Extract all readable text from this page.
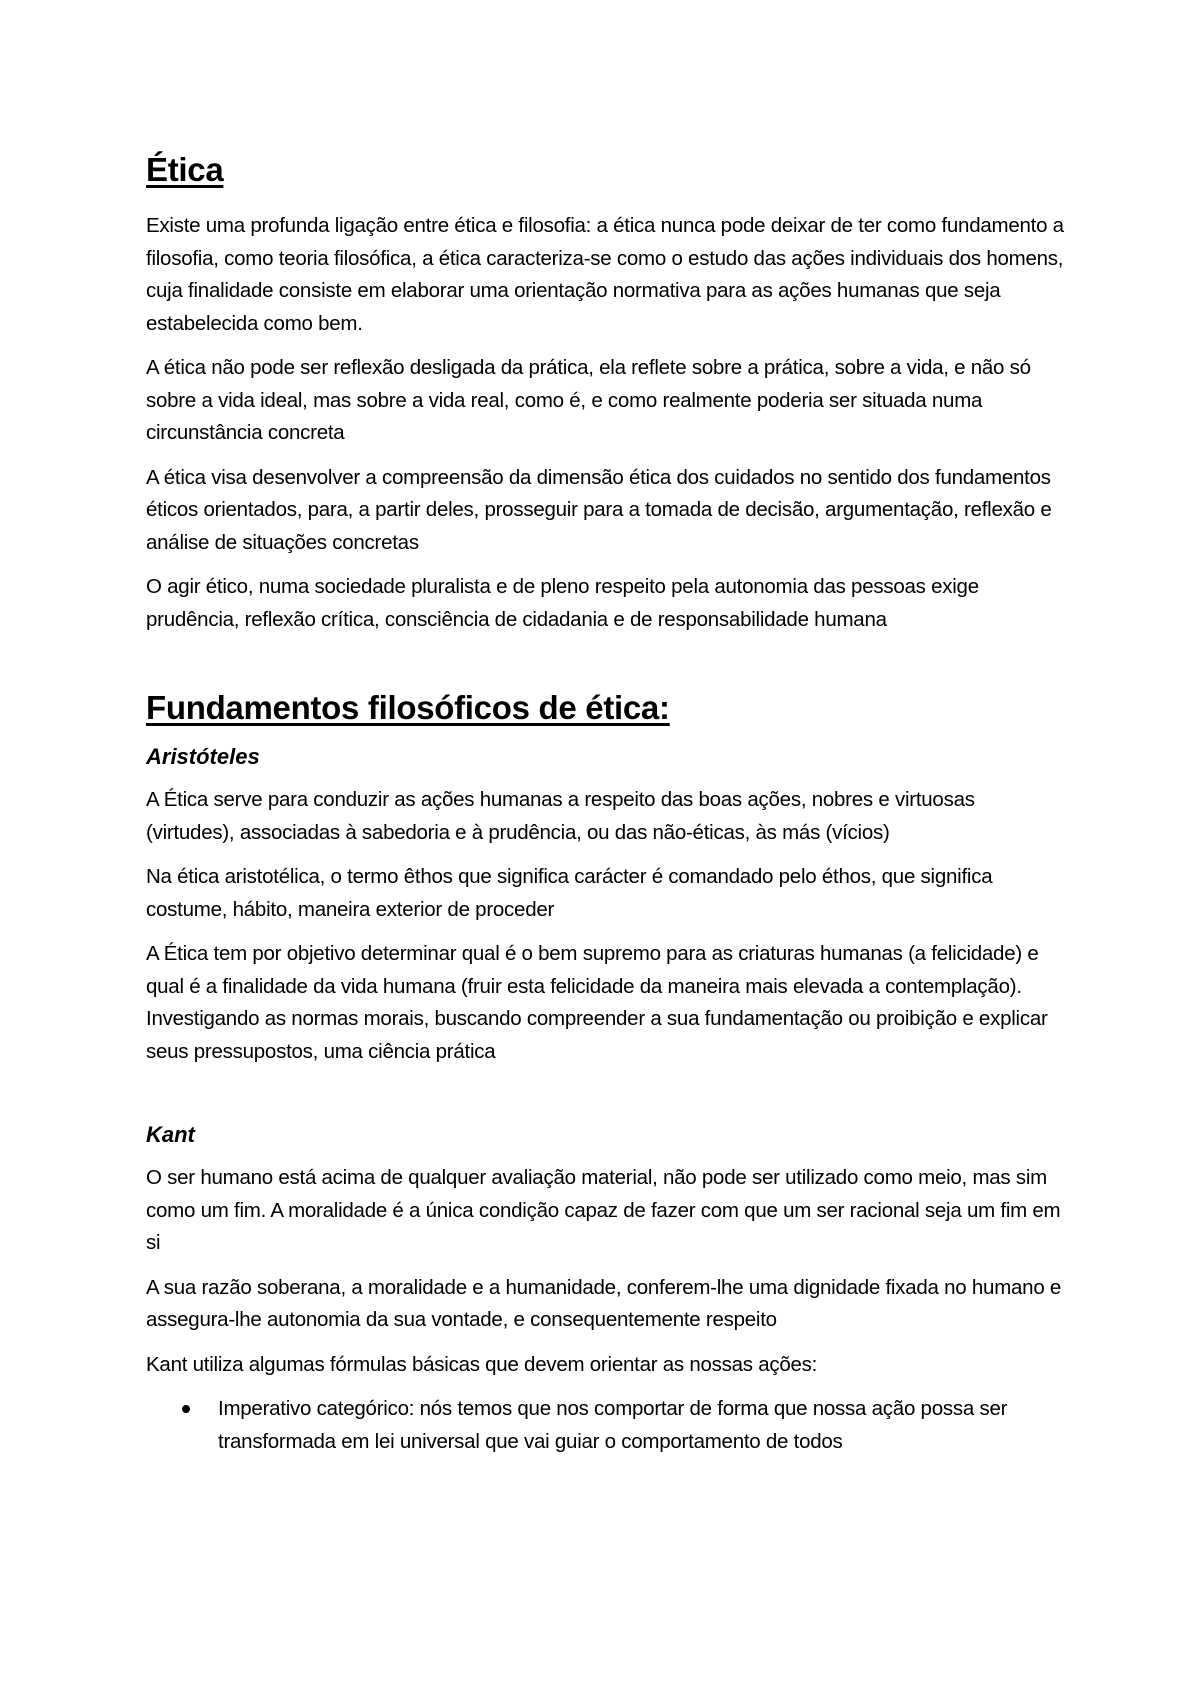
Ética

Existe uma profunda ligação entre ética e filosofia: a ética nunca pode deixar de ter como fundamento a filosofia, como teoria filosófica, a ética caracteriza-se como o estudo das ações individuais dos homens, cuja finalidade consiste em elaborar uma orientação normativa para as ações humanas que seja estabelecida como bem.

A ética não pode ser reflexão desligada da prática, ela reflete sobre a prática, sobre a vida, e não só sobre a vida ideal, mas sobre a vida real, como é, e como realmente poderia ser situada numa circunstância concreta

A ética visa desenvolver a compreensão da dimensão ética dos cuidados no sentido dos fundamentos éticos orientados, para, a partir deles, prosseguir para a tomada de decisão, argumentação, reflexão e análise de situações concretas

O agir ético, numa sociedade pluralista e de pleno respeito pela autonomia das pessoas exige prudência, reflexão crítica, consciência de cidadania e de responsabilidade humana

Fundamentos filosóficos de ética:
Aristóteles

A Ética serve para conduzir as ações humanas a respeito das boas ações, nobres e virtuosas (virtudes), associadas à sabedoria e à prudência, ou das não-éticas, às más (vícios)

Na ética aristotélica, o termo êthos que significa carácter é comandado pelo éthos, que significa costume, hábito, maneira exterior de proceder

A Ética tem por objetivo determinar qual é o bem supremo para as criaturas humanas (a felicidade) e qual é a finalidade da vida humana (fruir esta felicidade da maneira mais elevada a contemplação). Investigando as normas morais, buscando compreender a sua fundamentação ou proibição e explicar seus pressupostos, uma ciência prática

Kant

O ser humano está acima de qualquer avaliação material, não pode ser utilizado como meio, mas sim como um fim. A moralidade é a única condição capaz de fazer com que um ser racional seja um fim em si

A sua razão soberana, a moralidade e a humanidade, conferem-lhe uma dignidade fixada no humano e assegura-lhe autonomia da sua vontade, e consequentemente respeito

Kant utiliza algumas fórmulas básicas que devem orientar as nossas ações:

Imperativo categórico: nós temos que nos comportar de forma que nossa ação possa ser transformada em lei universal que vai guiar o comportamento de todos
